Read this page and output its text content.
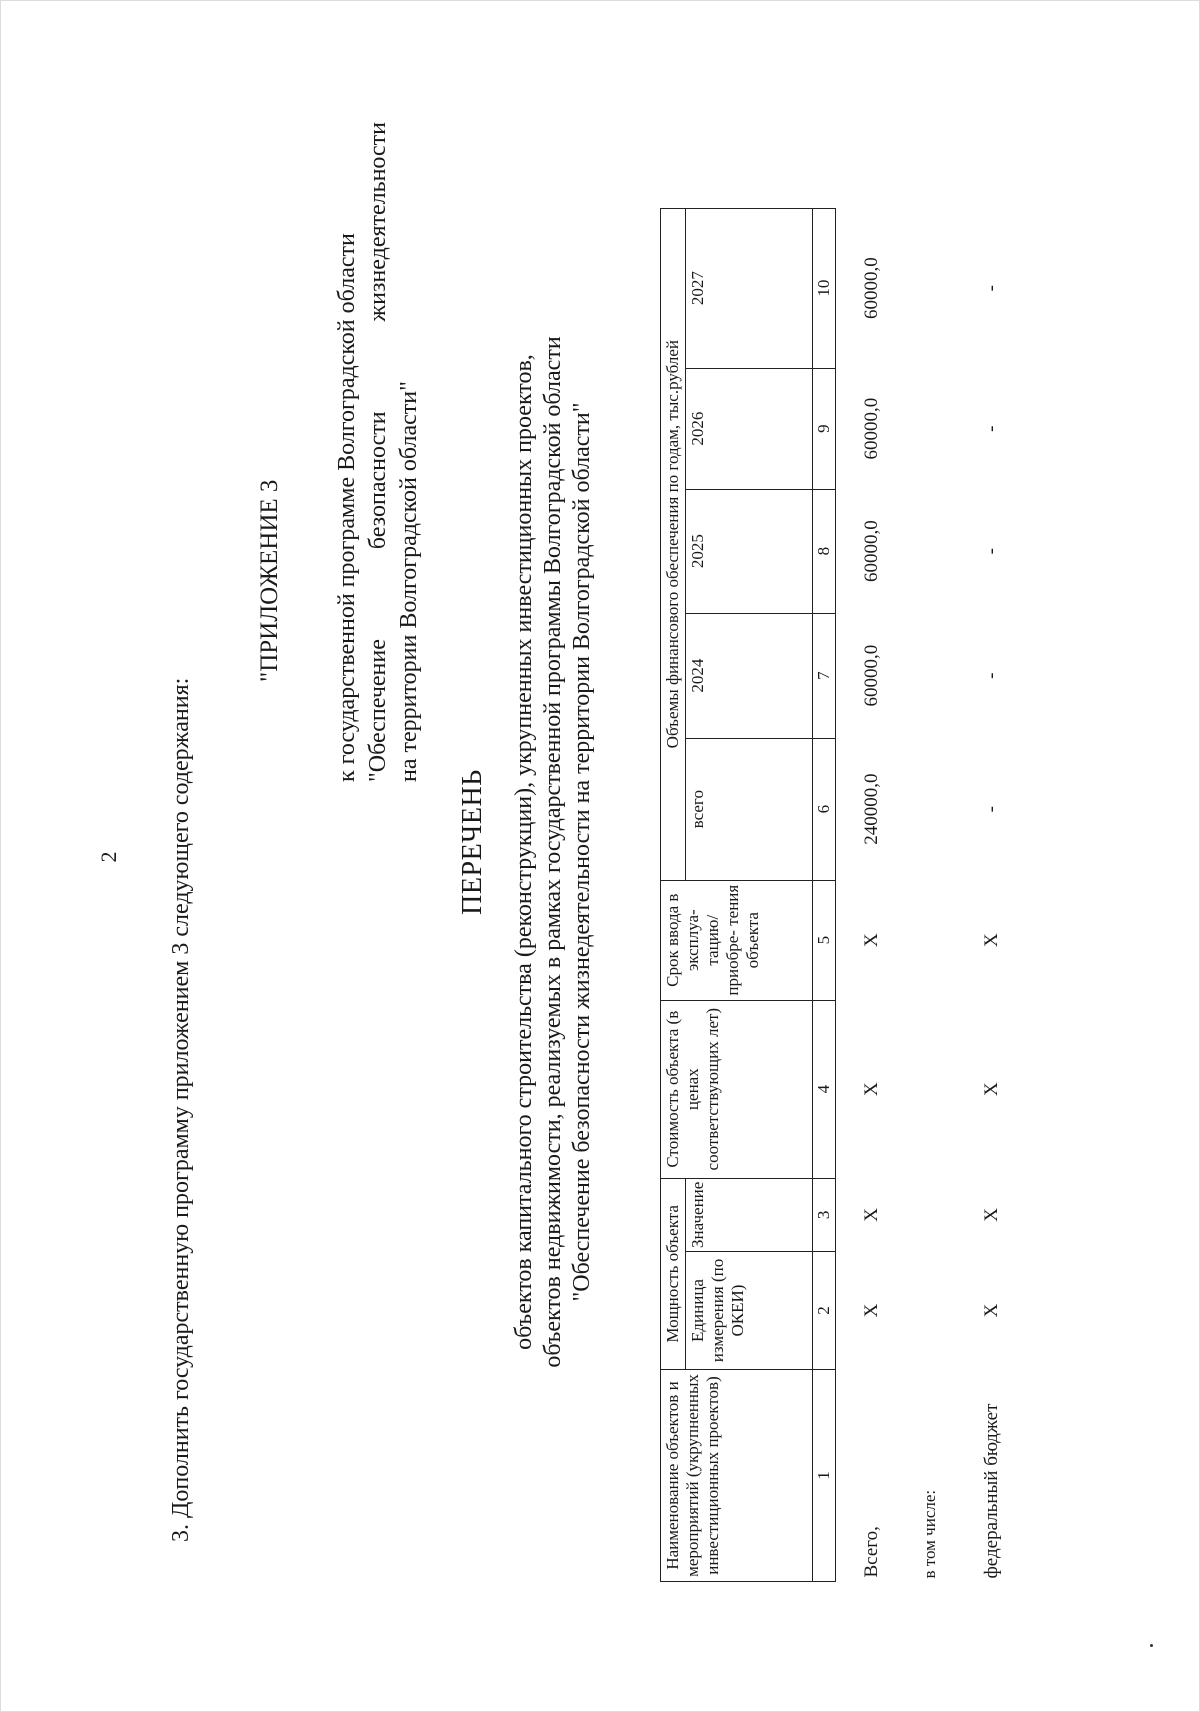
2 3. Дополнить государственную программу приложением 3 следующего содержания:
"ПРИЛОЖЕНИЕ 3 к государственной программе Волгоградской области "Обеспечение безопасности жизнедеятельности
на территории Волгоградской области"
ПЕРЕЧЕНЬ объектов капитального строительства (реконструкции), укрупненных инвестиционных проектов, объектов недвижимости, реализуемых в рамках государственной программы Волгоградской области "Обеспечение безопасности жизнедеятельности на территории Волгоградской области"
Наименование объектов и мероприятий (укрупненных инвестиционных проектов)	Мощность объекта		Стоимость объекта (в ценах соответствующих лет)	Срок ввода в эксплуа- тацию/ приобре- тения объекта	Объемы финансового обеспечения по годам, тыс.рублей				
	Единица измерения (по ОКЕИ)	Значение			всего	2024	2025	2026	2027
1	2	3	4	5	6	7	8	9	10
Всего,	X	X	X	X	240000,0	60000,0	60000,0	60000,0	60000,0
в том числе:									
федеральный бюджет	X	X	X	X	-	-	-	-	-
